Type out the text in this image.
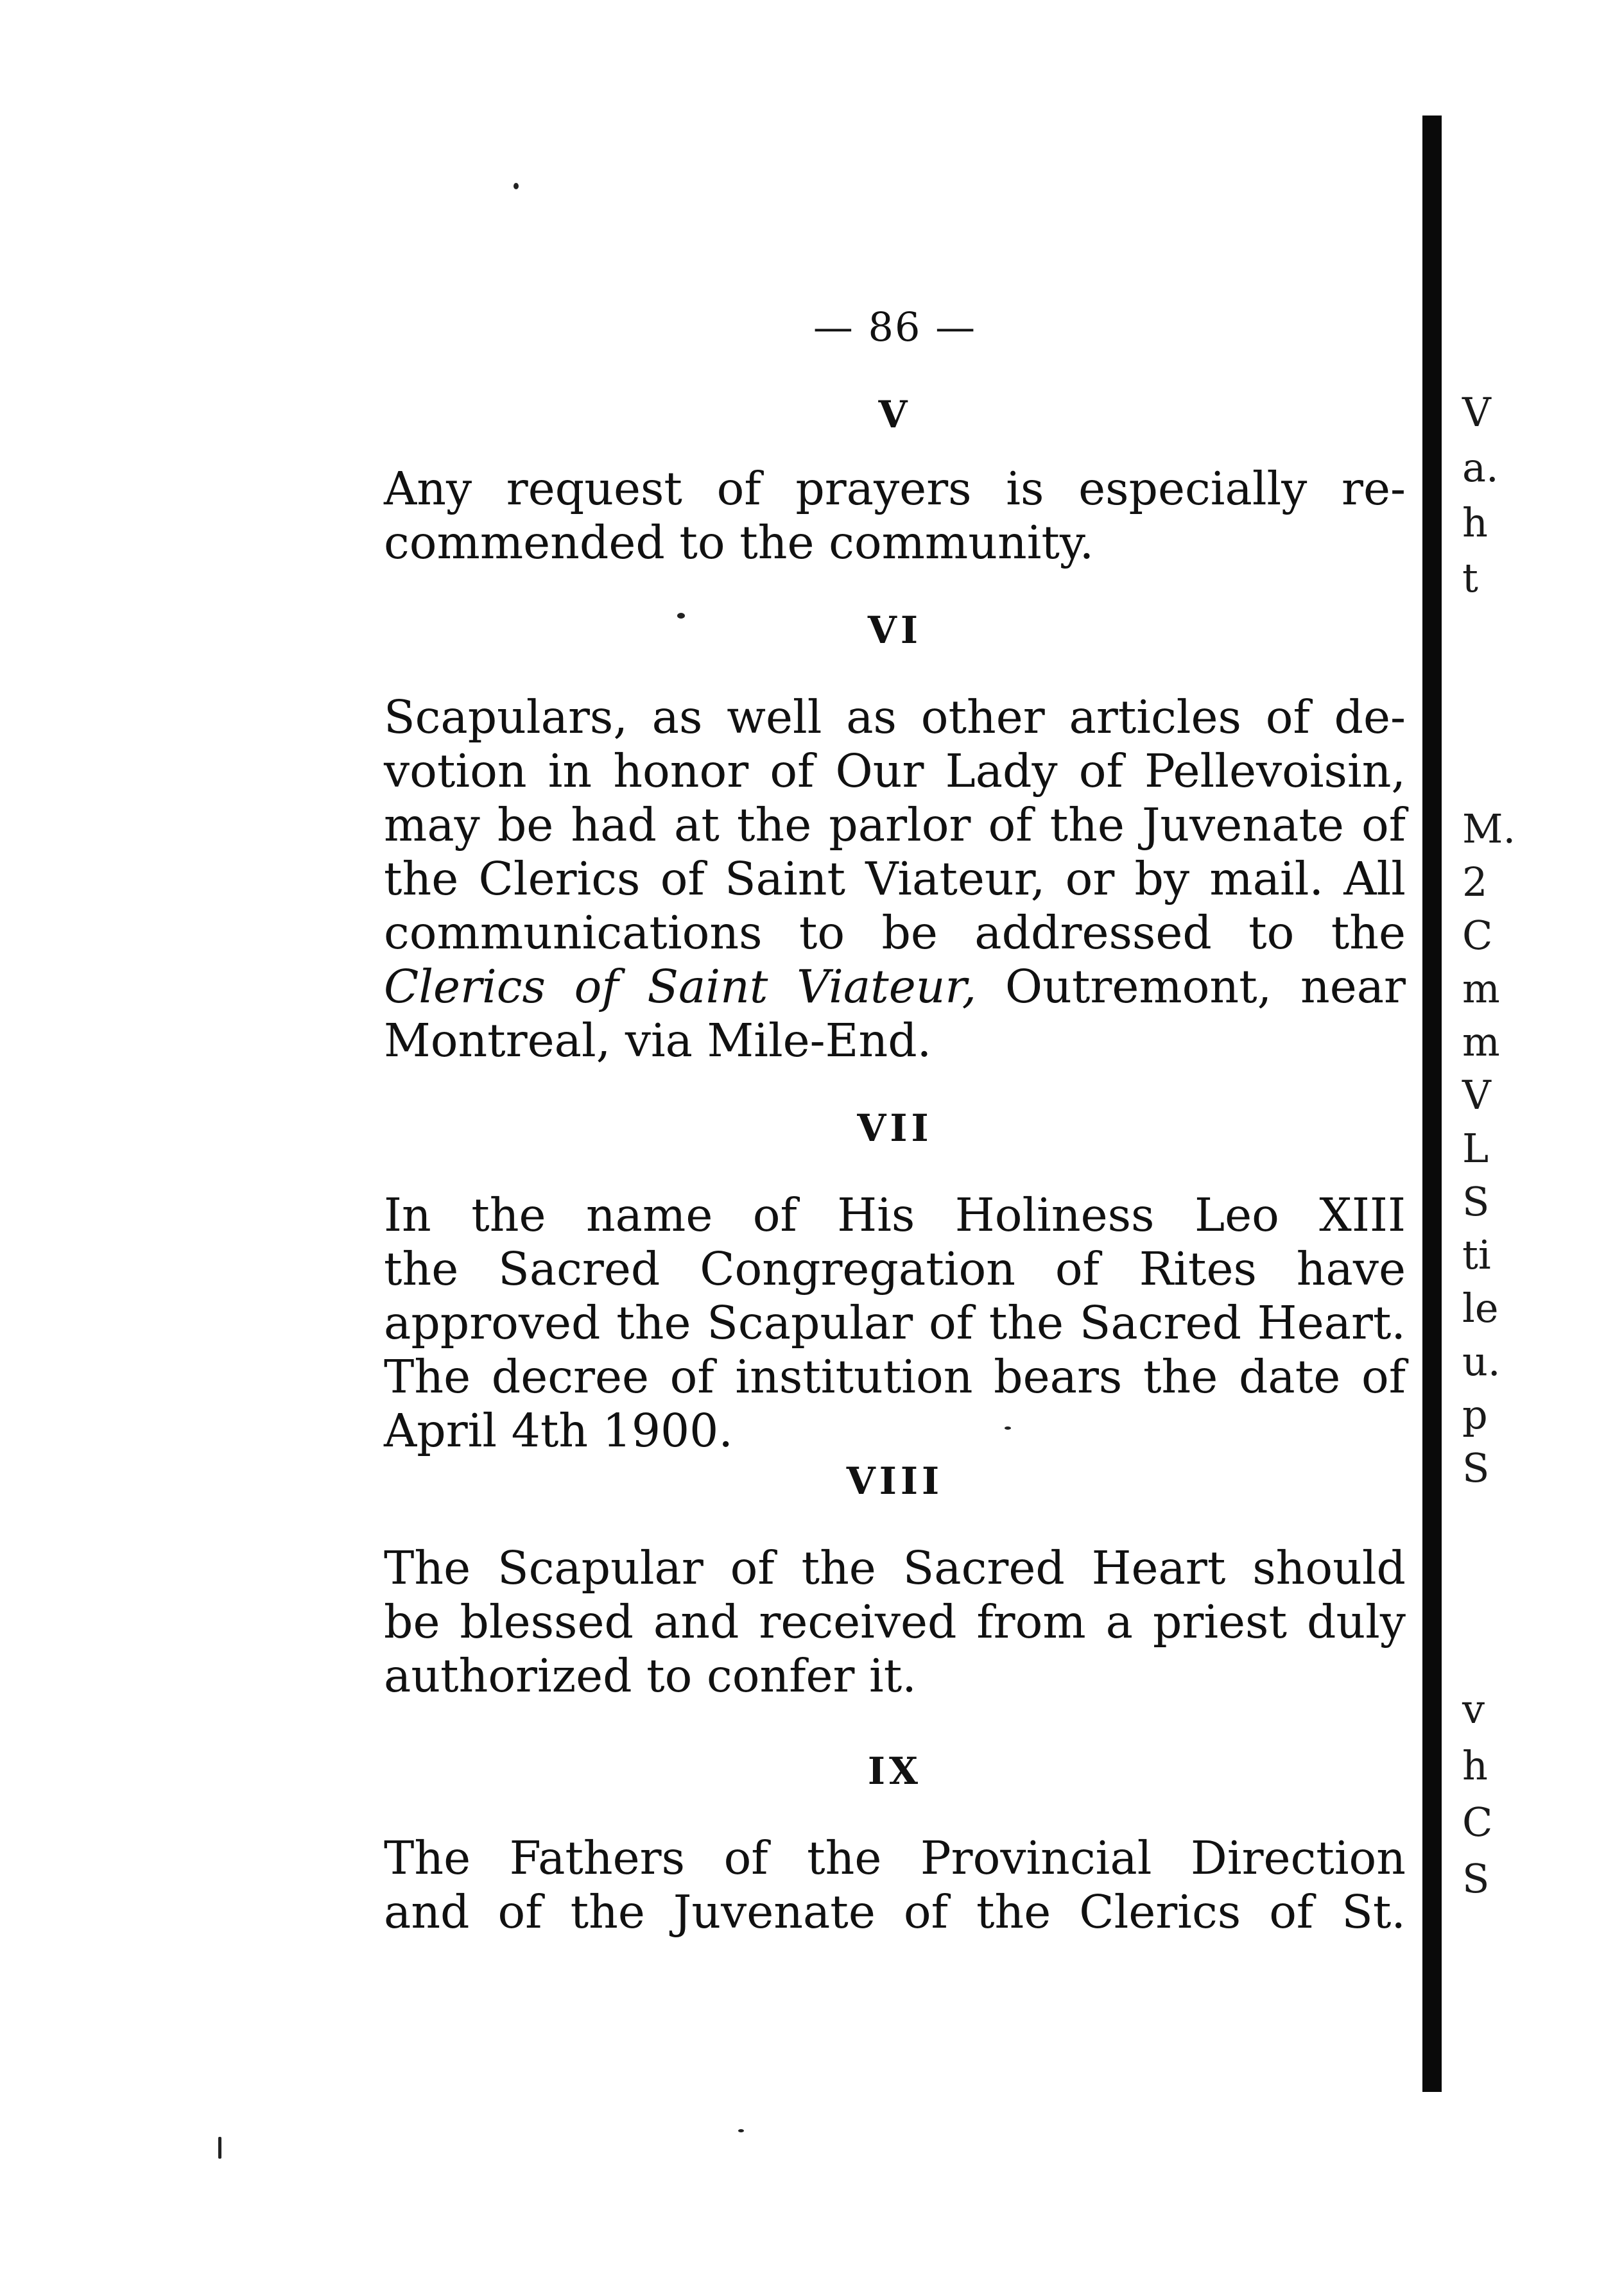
— 86 —
V
Any request of prayers is especially re-
commended to the community.
VI
Scapulars, as well as other articles of de-
votion in honor of Our Lady of Pellevoisin,
may be had at the parlor of the Juvenate of
the Clerics of Saint Viateur, or by mail. All
communications to be addressed to the
Clerics of Saint Viateur, Outremont, near
Montreal, via Mile-End.
VII
In the name of His Holiness Leo XIII
the Sacred Congregation of Rites have
approved the Scapular of the Sacred Heart.
The decree of institution bears the date of
April 4th 1900.
VIII
The Scapular of the Sacred Heart should
be blessed and received from a priest duly
authorized to confer it.
IX
The Fathers of the Provincial Direction
and of the Juvenate of the Clerics of St.
V
a.
h
t
M.
2
C
m
m
V
L
S
ti
le
u.
p
S
v
h
C
S
